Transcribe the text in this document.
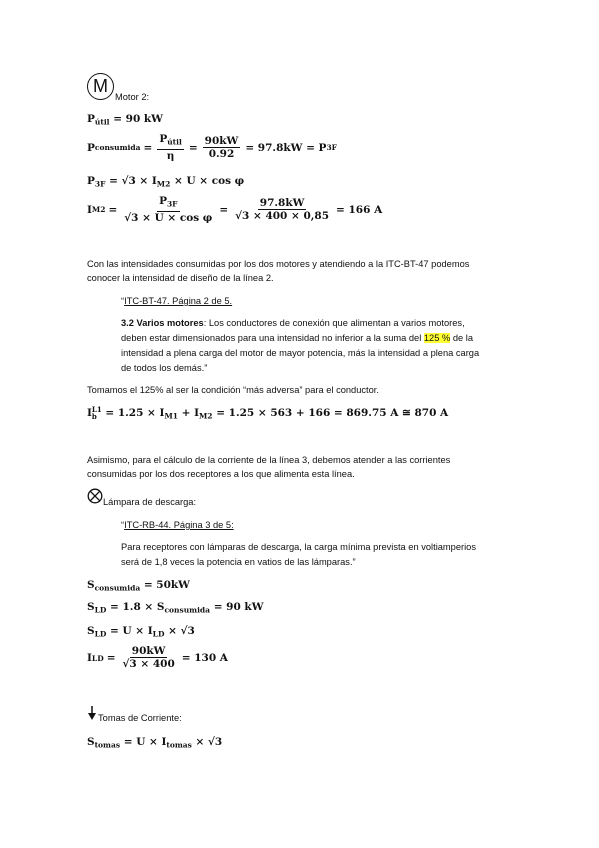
M
Motor 2:
$P_{útil} = 90$ kW
P consumida = $\frac{P_{útil}}{\eta} = \frac{90kW}{0.92} = 97.8kW = P$ 3F
$P_{3F} = √3 \times I_{M2} \times U \times \cos \varphi$
I $M2 = \frac{P_{3F}}{\text{√3 × U × cos φ}} = \frac{97.8kW}{√3 \times 400 \times 0,85} = 166$ A
Con las intensidades consumidas por los dos motores y atendiendo a la ITC-BT-47 podemos
conocer la intensidad de diseño de la línea 2.
“ITC-BT-47. Página 2 de 5.
3.2 Varios motores: Los conductores de conexión que alimentan a varios motores,
deben estar dimensionados para una intensidad no inferior a la suma del 125 % de la
intensidad a plena carga del motor de mayor potencia, más la intensidad a plena carga
de todos los demás.”
Tomamos el 125% al ser la condición “más adversa” para el conductor.
I L1
$b = 1.25 \times I_{M1} + I_{M2} = 1.25 \times 563 + 166 = 869.75$ A ≅ 870 A
Asimismo, para el cálculo de la corriente de la línea 3, debemos atender a las corrientes
consumidas por los dos receptores a los que alimenta esta línea.
Lámpara de descarga:
“ITC-RB-44. Página 3 de 5:
Para receptores con lámparas de descarga, la carga mínima prevista en voltiamperios
será de 1,8 veces la potencia en vatios de las lámparas.”
$S_{consumida} = 50kW$
$S_{LD} = 1.8 \times S_{consumida} = 90$ kW
$S_{LD} = U \times I_{LD} \times √3$
I LD = $\frac{90kW}{√3 \times 400} = 130$ A
Tomas de Corriente:
$S_{tomas} = U \times I_{tomas} \times √3$
